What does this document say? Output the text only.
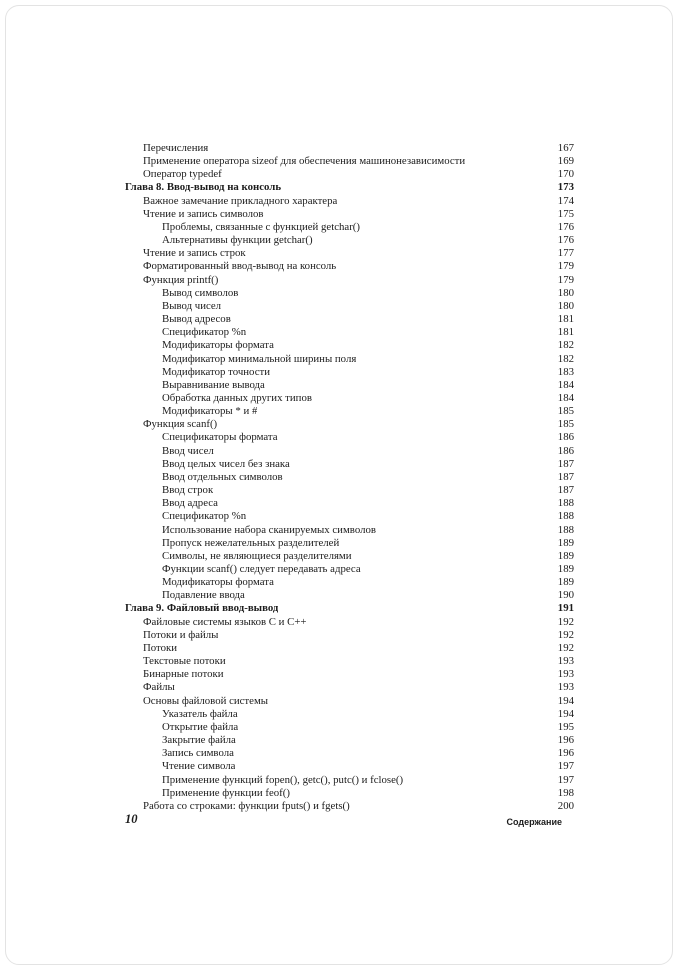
Перечисления	167
Применение оператора sizeof для обеспечения машинонезависимости	169
Оператор typedef	170
Глава 8. Ввод-вывод на консоль	173
Важное замечание прикладного характера	174
Чтение и запись символов	175
Проблемы, связанные с функцией getchar()	176
Альтернативы функции getchar()	176
Чтение и запись строк	177
Форматированный ввод-вывод на консоль	179
Функция printf()	179
Вывод символов	180
Вывод чисел	180
Вывод адресов	181
Спецификатор %n	181
Модификаторы формата	182
Модификатор минимальной ширины поля	182
Модификатор точности	183
Выравнивание вывода	184
Обработка данных других типов	184
Модификаторы * и #	185
Функция scanf()	185
Спецификаторы формата	186
Ввод чисел	186
Ввод целых чисел без знака	187
Ввод отдельных символов	187
Ввод строк	187
Ввод адреса	188
Спецификатор %n	188
Использование набора сканируемых символов	188
Пропуск нежелательных разделителей	189
Символы, не являющиеся разделителями	189
Функции scanf() следует передавать адреса	189
Модификаторы формата	189
Подавление ввода	190
Глава 9. Файловый ввод-вывод	191
Файловые системы языков C и C++	192
Потоки и файлы	192
Потоки	192
Текстовые потоки	193
Бинарные потоки	193
Файлы	193
Основы файловой системы	194
Указатель файла	194
Открытие файла	195
Закрытие файла	196
Запись символа	196
Чтение символа	197
Применение функций fopen(), getc(), putc() и fclose()	197
Применение функции feof()	198
Работа со строками: функции fputs() и fgets()	200
10	Содержание
